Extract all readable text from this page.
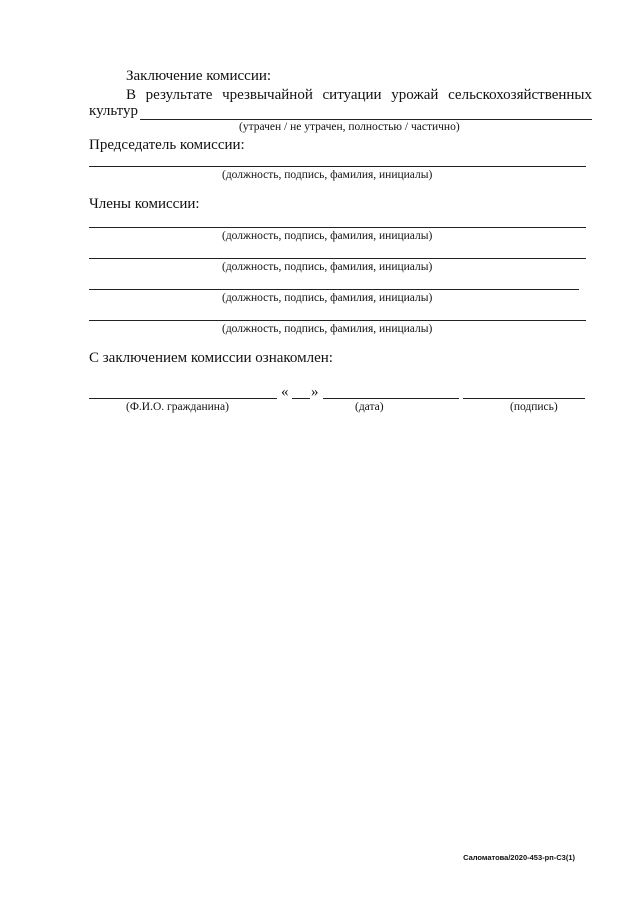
Заключение комиссии:
В результате чрезвычайной ситуации урожай сельскохозяйственных
культур
(утрачен / не утрачен, полностью / частично)
Председатель комиссии:
(должность, подпись, фамилия, инициалы)
Члены комиссии:
(должность, подпись, фамилия, инициалы)
(должность, подпись, фамилия, инициалы)
(должность, подпись, фамилия, инициалы)
(должность, подпись, фамилия, инициалы)
С заключением комиссии ознакомлен:
« »
(Ф.И.О. гражданина)	(дата)	(подпись)
Саломатова/2020-453-рп-С3(1)
